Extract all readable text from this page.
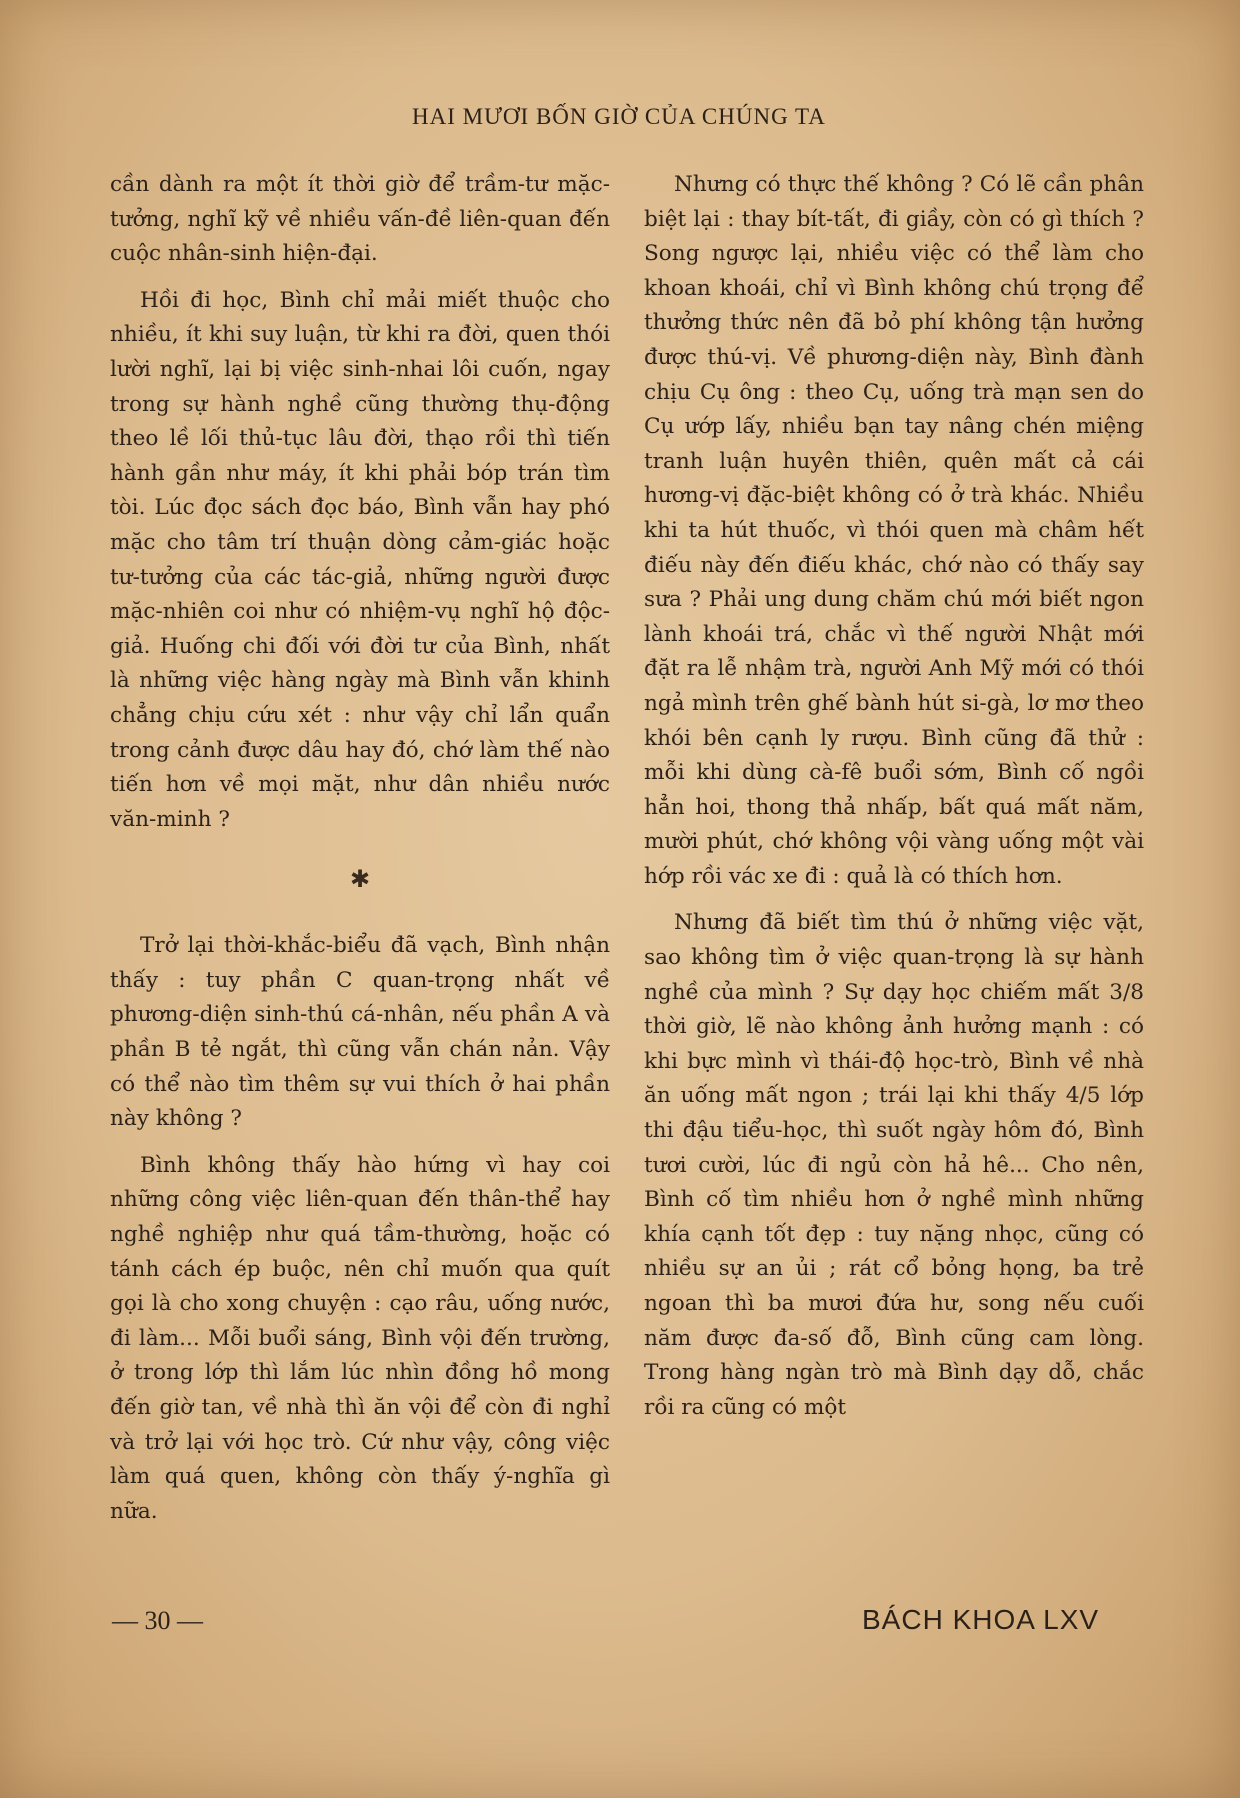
HAI MƯƠI BỐN GIỜ CỦA CHÚNG TA

cần dành ra một ít thời giờ để trầm-tư mặc-tưởng, nghĩ kỹ về nhiều vấn-đề liên-quan đến cuộc nhân-sinh hiện-đại.

Hồi đi học, Bình chỉ mải miết thuộc cho nhiều, ít khi suy luận, từ khi ra đời, quen thói lười nghĩ, lại bị việc sinh-nhai lôi cuốn, ngay trong sự hành nghề cũng thường thụ-động theo lề lối thủ-tục lâu đời, thạo rồi thì tiến hành gần như máy, ít khi phải bóp trán tìm tòi. Lúc đọc sách đọc báo, Bình vẫn hay phó mặc cho tâm trí thuận dòng cảm-giác hoặc tư-tưởng của các tác-giả, những người được mặc-nhiên coi như có nhiệm-vụ nghĩ hộ độc-giả. Huống chi đối với đời tư của Bình, nhất là những việc hàng ngày mà Bình vẫn khinh chẳng chịu cứu xét : như vậy chỉ lẩn quẩn trong cảnh được dâu hay đó, chớ làm thế nào tiến hơn về mọi mặt, như dân nhiều nước văn-minh ?

✱

Trở lại thời-khắc-biểu đã vạch, Bình nhận thấy : tuy phần C quan-trọng nhất về phương-diện sinh-thú cá-nhân, nếu phần A và phần B tẻ ngắt, thì cũng vẫn chán nản. Vậy có thể nào tìm thêm sự vui thích ở hai phần này không ?

Bình không thấy hào hứng vì hay coi những công việc liên-quan đến thân-thể hay nghề nghiệp như quá tầm-thường, hoặc có tánh cách ép buộc, nên chỉ muốn qua quít gọi là cho xong chuyện : cạo râu, uống nước, đi làm... Mỗi buổi sáng, Bình vội đến trường, ở trong lớp thì lắm lúc nhìn đồng hồ mong đến giờ tan, về nhà thì ăn vội để còn đi nghỉ và trở lại với học trò. Cứ như vậy, công việc làm quá quen, không còn thấy ý-nghĩa gì nữa.

Nhưng có thực thế không ? Có lẽ cần phân biệt lại : thay bít-tất, đi giầy, còn có gì thích ? Song ngược lại, nhiều việc có thể làm cho khoan khoái, chỉ vì Bình không chú trọng để thưởng thức nên đã bỏ phí không tận hưởng được thú-vị. Về phương-diện này, Bình đành chịu Cụ ông : theo Cụ, uống trà mạn sen do Cụ ướp lấy, nhiều bạn tay nâng chén miệng tranh luận huyên thiên, quên mất cả cái hương-vị đặc-biệt không có ở trà khác. Nhiều khi ta hút thuốc, vì thói quen mà châm hết điếu này đến điếu khác, chớ nào có thấy say sưa ? Phải ung dung chăm chú mới biết ngon lành khoái trá, chắc vì thế người Nhật mới đặt ra lễ nhậm trà, người Anh Mỹ mới có thói ngả mình trên ghế bành hút si-gà, lơ mơ theo khói bên cạnh ly rượu. Bình cũng đã thử : mỗi khi dùng cà-fê buổi sớm, Bình cố ngồi hẳn hoi, thong thả nhấp, bất quá mất năm, mười phút, chớ không vội vàng uống một vài hớp rồi vác xe đi : quả là có thích hơn.

Nhưng đã biết tìm thú ở những việc vặt, sao không tìm ở việc quan-trọng là sự hành nghề của mình ? Sự dạy học chiếm mất 3/8 thời giờ, lẽ nào không ảnh hưởng mạnh : có khi bực mình vì thái-độ học-trò, Bình về nhà ăn uống mất ngon ; trái lại khi thấy 4/5 lớp thi đậu tiểu-học, thì suốt ngày hôm đó, Bình tươi cười, lúc đi ngủ còn hả hê... Cho nên, Bình cố tìm nhiều hơn ở nghề mình những khía cạnh tốt đẹp : tuy nặng nhọc, cũng có nhiều sự an ủi ; rát cổ bỏng họng, ba trẻ ngoan thì ba mươi đứa hư, song nếu cuối năm được đa-số đỗ, Bình cũng cam lòng. Trong hàng ngàn trò mà Bình dạy dỗ, chắc rồi ra cũng có một

— 30 —	BÁCH KHOA LXV
